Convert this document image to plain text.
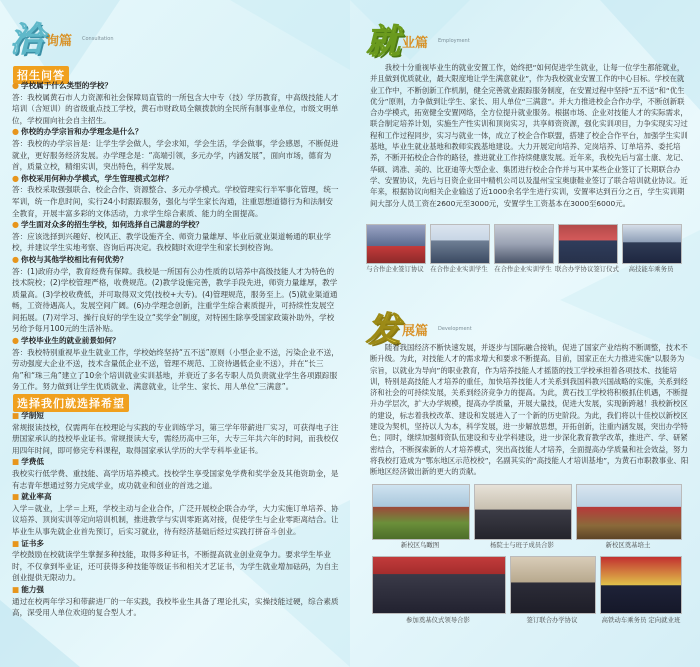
洽 询篇 Consultation
招生问答
● 学校属于什么类型的学校？
答：我校属黄石市人力资源和社会保障局直管的一所包含大中专（技）学历教育，中高级技能人才培训（含短训）的省级重点技工学校，黄石市财政局全额拨款的全民所有制事业单位，市级文明单位，学校面向社会自主招生。
● 你校的办学宗旨和办学理念是什么？
答：我校的办学宗旨是：让学生学会做人，学会求知，学会生活，学会做事，学会感恩，不断促进就业，更好服务经济发展。办学理念是：“高端引领，多元办学，内涵发展”，面向市场，德育为首，质量立校，精细实训，突出特色，科学发展。
● 你校采用何种办学模式，学生管理模式怎样？
答：我校采取强强联合、校企合作、资源整合、多元办学模式。学校管理实行半军事化管理，统一军训，统一作息时间，实行24小时跟踪服务，强化与学生家长沟通，注重思想道德行为和法制安全教育，开展丰富多彩的文体活动，力求学生综合素质、能力的全面提高。
● 学生面对众多的招生学校，如何选择自己满意的学校？
答：应该选择到兴趣好、校风正、教学设施齐全、师资力量雄厚、毕业后就业渠道畅通的职业学校，并建议学生实地考察、咨询后再决定。我校随时欢迎学生和家长到校咨询。
● 你校与其他学校相比有何优势？
答：(1)政府办学，教育经费有保障。我校是一所国有公办性质的以培养中高级技能人才为特色的技术院校；(2)学校管理严格，收费规范。(2)教学设施完善，教学手段先进，师资力量雄厚，教学质量高。(3)学校收费低，并可取得双文凭(技校+大专)。(4)管理规范，服务至上。(5)就业渠道通畅，工资待遇高人，发展空间广阔。(6)办学理念创新，注重学生综合素质提升，可持续性发展空间拓展。(7)对学习、操行良好的学生设立“奖学金”制度，对特困生除享受国家政策补助外，学校另给予每月100元的生活补贴。
● 学校毕业生的就业前景如何？
答：我校特别重视毕业生就业工作，学校始终坚持“五不送”原则（小型企业不送，污染企业不送，劳动强度大企业不送，技术含量低企业不送，管理不规范、工资待遇低企业不送），并在“长三角”和“珠三角”建立了10余个培训就业实训基地，并衰近了多名专职人员负责就业学生各项跟踪服务工作。努力做到让学生优质就业、满意就业，让学生、家长、用人单位“三满意”。
选择我们就选择希望
■ 学制短
常规报读技校，仅需两年在校理论与实践的专业训练学习，第三学年带薪进厂实习，可获得电子注册国家承认的技校毕业证书。常规报读大专，需经历高中三年，大专三年共六年的时间，而我校仅用四年时间，即可修完专科课程，取得国家承认学历的大学专科毕业证书。
■ 学费低
我校实行低学费、重技能、高学历培养模式。技校学生享受国家免学费和奖学金及其他资助金，是有志青年想通过努力完成学业，成功就业和创业的首选之道。
■ 就业率高
入学＝就业，上学＝上班，学校主动与企业合作，广泛开展校企联合办学，大力实施订单培养、协议培养、顶岗实训等定向培训机制，推进教学与实训零距离对接，促使学生与企业零距离结合。让毕业生从事先就企业首先预订，后实习就业，待有经济基础后经过实践打拼奋斗创业。
■ 证书多
学校鼓励在校就读学生掌握多种技能，取得多种证书，不断提高就业创业竞争力。要求学生毕业时，不仅拿到毕业证，还可获得多种技能等级证书和相关才艺证书，为学生就业增加砝码，为自主创业提供无限动力。
■ 能力强
通过在校两年学习和带薪进厂的一年实践，我校毕业生具备了理论扎实，实操技能过硬，综合素质高，深受用人单位欢迎的复合型人才。
就 业篇 Employment

我校十分重视毕业生的就业安置工作，始终把“如何促进学生就业，让每一位学生都能就业，并且做到优质就业，最大限度地让学生满意就业”，作为我校就业安置工作的中心目标。学校在就业工作中，不断创新工作机制，健全完善就业跟踪服务制度，在安置过程中坚持“五不送”和“优生优分”原则，力争做到让学生、家长、用人单位“三满意”。并大力推进校企合作办学，不断创新联合办学模式，拓宽健全安置网络，全方位提升就业服务。根据市场、企业对技能人才的实际需求，联合制定培养计划，实施生产性实训和顶岗实习，共享师资资源，强化实训项目，力争实现实习过程和工作过程同步，实习与就业一体，成立了校企合作联盟，搭建了校企合作平台，加强学生实训基地，毕业生就业基地和教师实践基地建设。大力开展定向培养、定岗培养、订单培养、委托培养，不断开拓校企合作的路径，推进就业工作持续健康发展。近年来，我校先后与富士康、龙记、华硕、鸿准、美的、比亚迪等大型企业、集团进行校企合作并与其中某些企业签订了长期联合办学、安置协议，先后与日资企业田中精机公司以及温州宝宝奥康鞋业签订了联合培训就业协议。近年来，根据协议向相关企业输送了近1000余名学生进行实训，安置率达到百分之百，学生实训期间大部分人员工资在2600元至3000元，安置学生工资基本在3000至6000元。

与合作企业签订协议	在合作企业实训学生	在合作企业实训学生 联合办学协议签订仪式	高技能车乘务员
发 展篇 Development

随着我国经济不断快速发展，并逐步与国际融合接轨，促进了国家产业结构不断调整，技术不断升级。为此，对技能人才的需求增大和要求不断提高。目前，国家正在大力推进实施“以服务为宗旨，以就业为导向”的职业教育，作为培养技能人才摇篮的技工学校承担着各项技术、技能培训，特别是高技能人才培养的重任，加快培养技能人才关系到我国科教兴国战略的实施，关系到经济和社会的可持续发展，关系到经济竞争力的提高。为此，黄石技工学校将积极抓住机遇，不断提升办学层次，扩大办学规模，提高办学质量，开展大量技，促进大发展，实现新跨越！我校新校区的建设，标志着我校改革、建设和发展进入了一个新的历史阶段。为此，我们将以十佳校以新校区建设为契机，坚持以人为本，科学发展，进一步解放思想，开拓创新，注重内涵发展，突出办学特色；同时，继续加强师资队伍建设和专业学科建设，进一步深化教育教学改革，推进产、学、研紧密结合，不断探索新的人才培养模式，突出高技能人才培养，全面提高办学质量和社会效益，努力将我校打造成为“鄂东地区示范校校”，名副其实的“高技能人才培训基地”，为黄石市职教事业、阳断地区经济做出新的更大的贡献。

新校区鸟瞰图	杨院士与班子成员合影	新校区奠基培土
参加奠基仪式领导合影	签订联合办学协议	高铁动车乘务员 定向就业班
